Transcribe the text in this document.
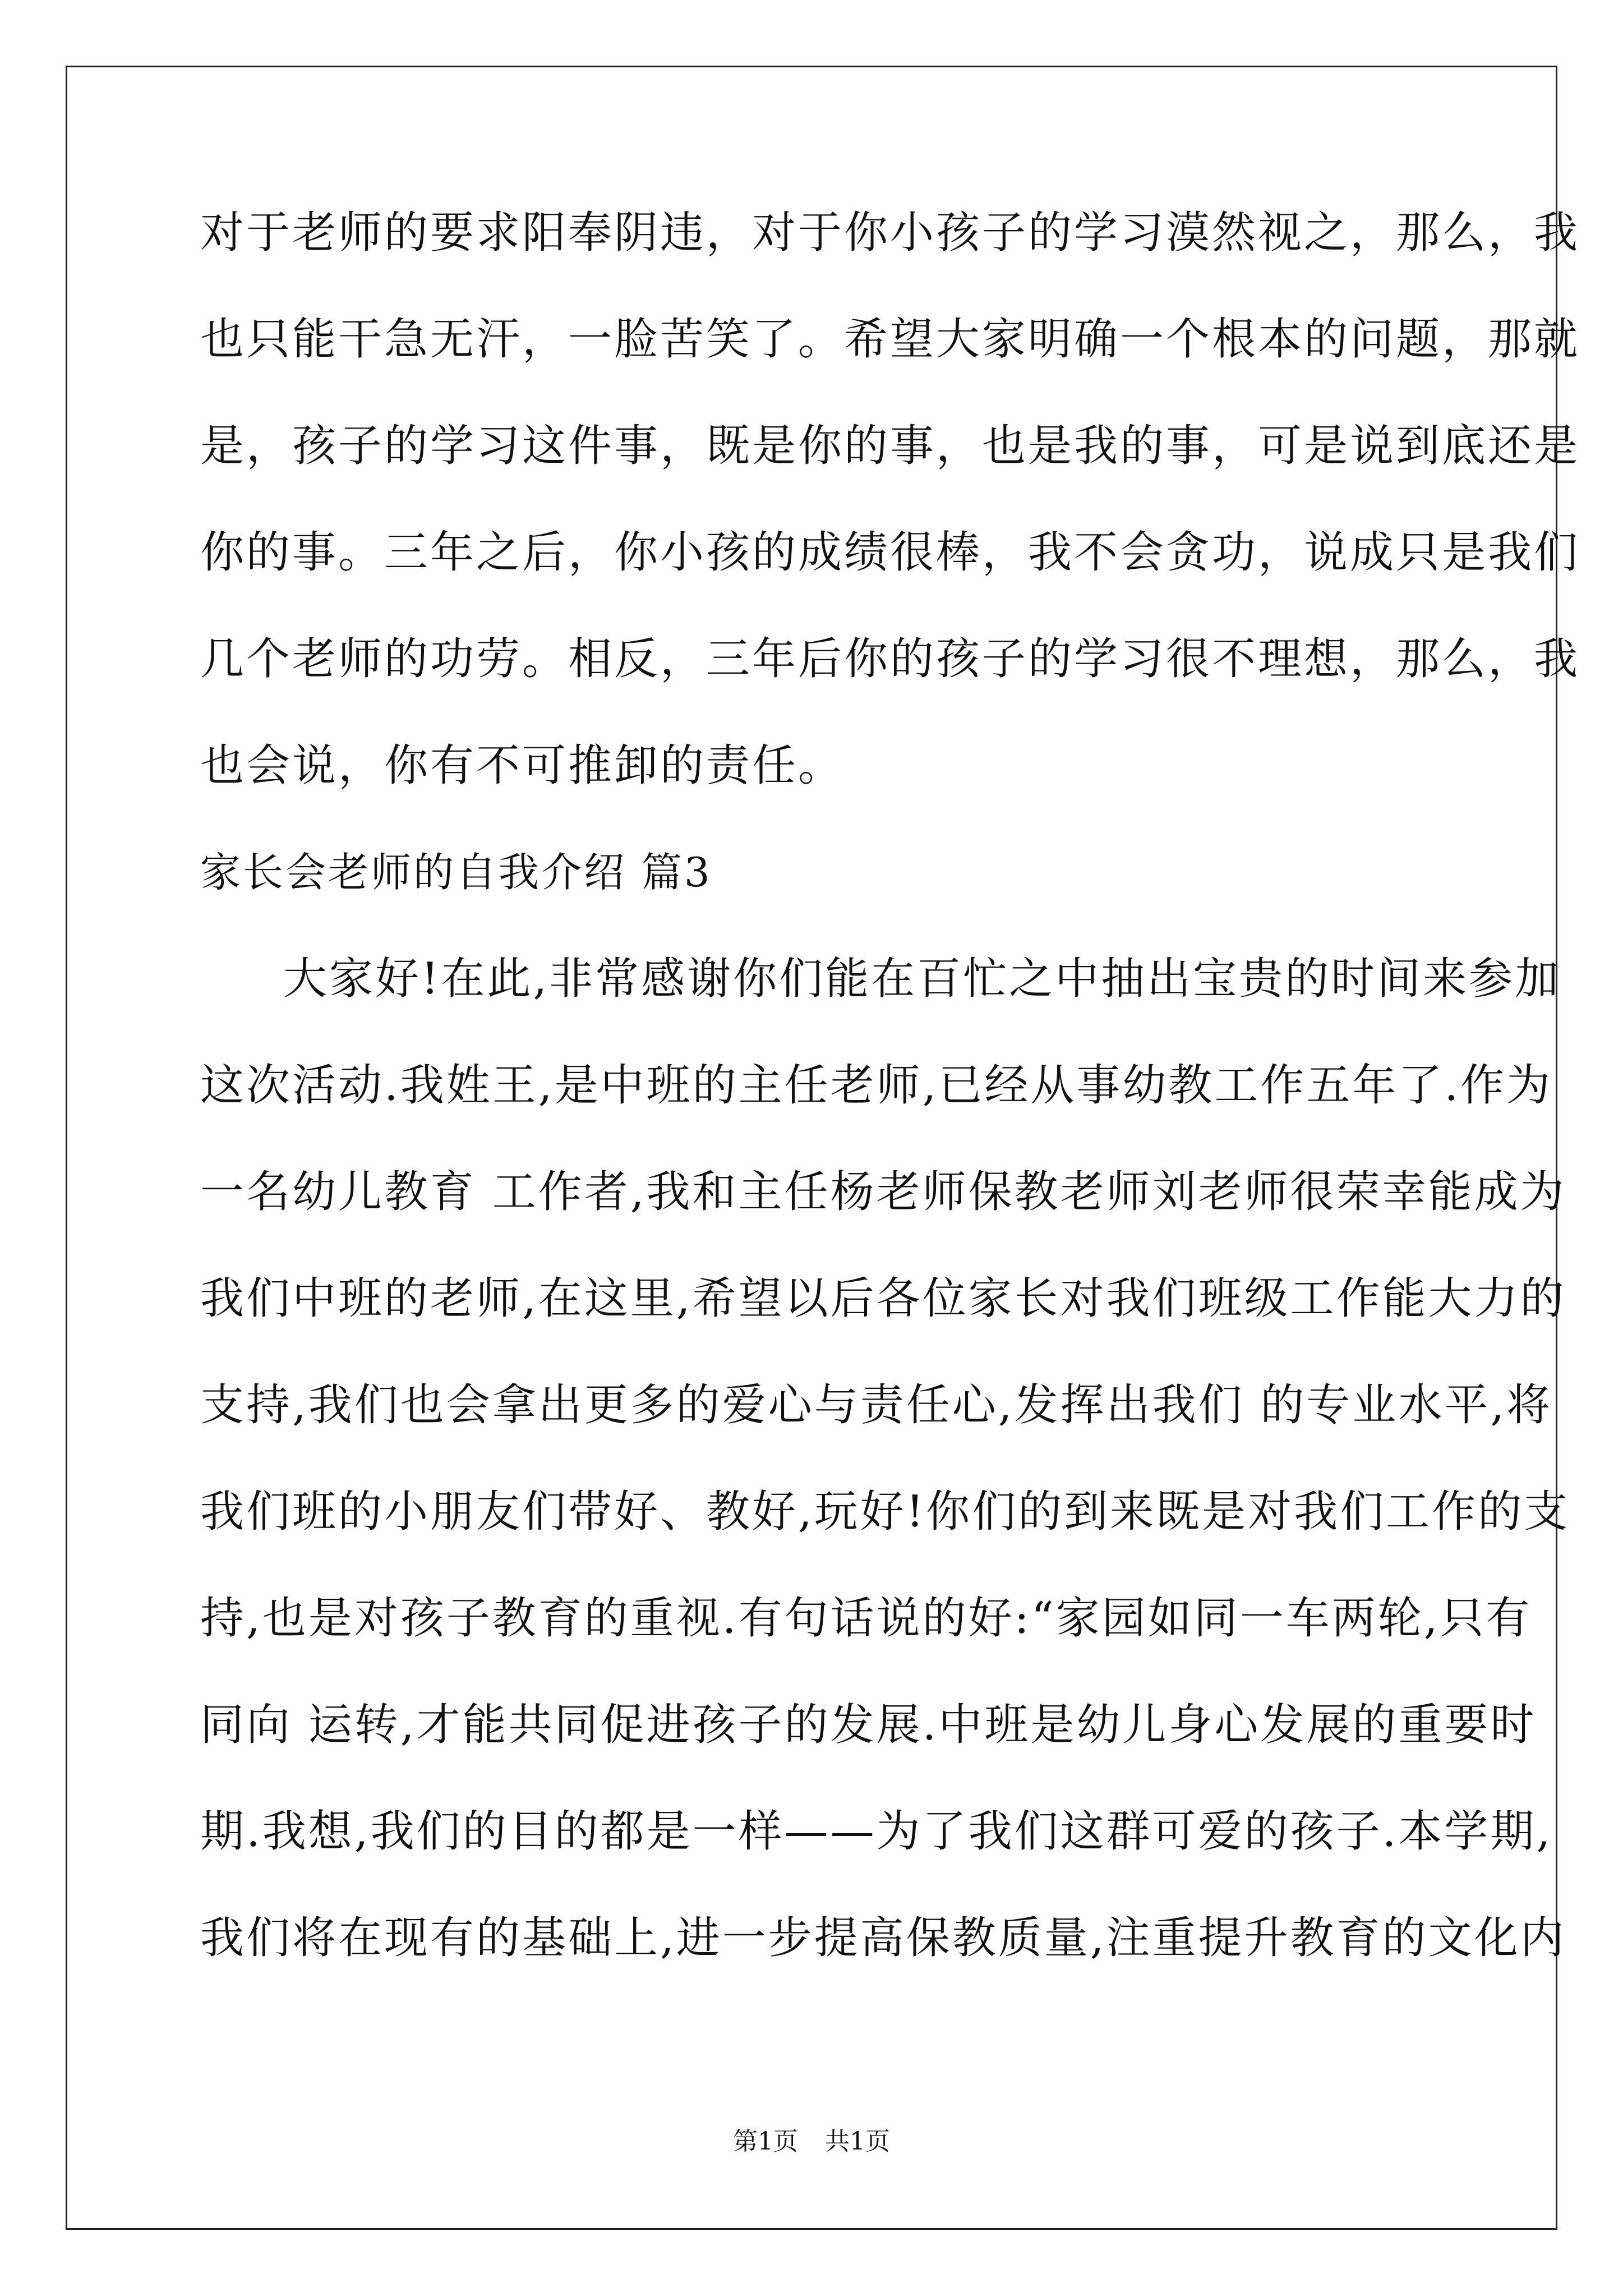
对于老师的要求阳奉阴违，对于你小孩子的学习漠然视之，那么，我
也只能干急无汗，一脸苦笑了。希望大家明确一个根本的问题，那就
是，孩子的学习这件事，既是你的事，也是我的事，可是说到底还是
你的事。三年之后，你小孩的成绩很棒，我不会贪功，说成只是我们
几个老师的功劳。相反，三年后你的孩子的学习很不理想，那么，我
也会说，你有不可推卸的责任。
家长会老师的自我介绍 篇3
大家好!在此,非常感谢你们能在百忙之中抽出宝贵的时间来参加
这次活动.我姓王,是中班的主任老师,已经从事幼教工作五年了.作为
一名幼儿教育 工作者,我和主任杨老师保教老师刘老师很荣幸能成为
我们中班的老师,在这里,希望以后各位家长对我们班级工作能大力的
支持,我们也会拿出更多的爱心与责任心,发挥出我们 的专业水平,将
我们班的小朋友们带好、教好,玩好!你们的到来既是对我们工作的支
持,也是对孩子教育的重视.有句话说的好:“家园如同一车两轮,只有
同向 运转,才能共同促进孩子的发展.中班是幼儿身心发展的重要时
期.我想,我们的目的都是一样——为了我们这群可爱的孩子.本学期,
我们将在现有的基础上,进一步提高保教质量,注重提升教育的文化内
第1页 共1页
